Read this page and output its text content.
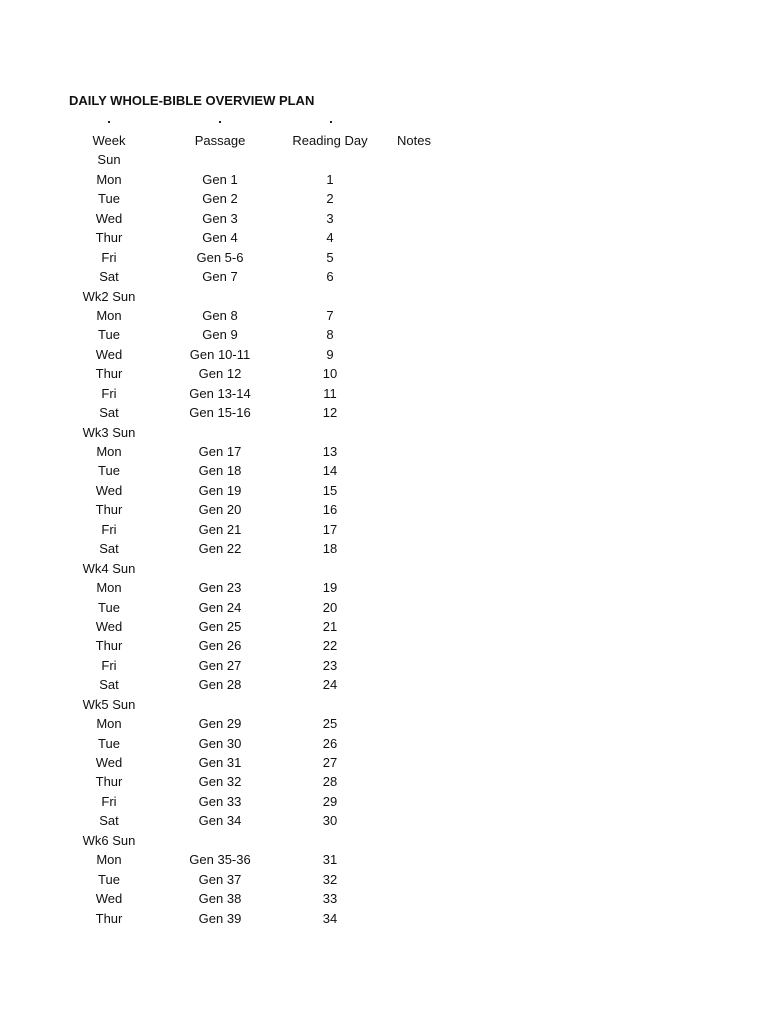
DAILY WHOLE-BIBLE OVERVIEW PLAN
Week	Passage	Reading Day	Notes
Sun
Mon	Gen 1	1
Tue	Gen 2	2
Wed	Gen 3	3
Thur	Gen 4	4
Fri	Gen 5-6	5
Sat	Gen 7	6
Wk2 Sun
Mon	Gen 8	7
Tue	Gen 9	8
Wed	Gen 10-11	9
Thur	Gen 12	10
Fri	Gen 13-14	11
Sat	Gen 15-16	12
Wk3 Sun
Mon	Gen 17	13
Tue	Gen 18	14
Wed	Gen 19	15
Thur	Gen 20	16
Fri	Gen 21	17
Sat	Gen 22	18
Wk4 Sun
Mon	Gen 23	19
Tue	Gen 24	20
Wed	Gen 25	21
Thur	Gen 26	22
Fri	Gen 27	23
Sat	Gen 28	24
Wk5 Sun
Mon	Gen 29	25
Tue	Gen 30	26
Wed	Gen 31	27
Thur	Gen 32	28
Fri	Gen 33	29
Sat	Gen 34	30
Wk6 Sun
Mon	Gen 35-36	31
Tue	Gen 37	32
Wed	Gen 38	33
Thur	Gen 39	34
